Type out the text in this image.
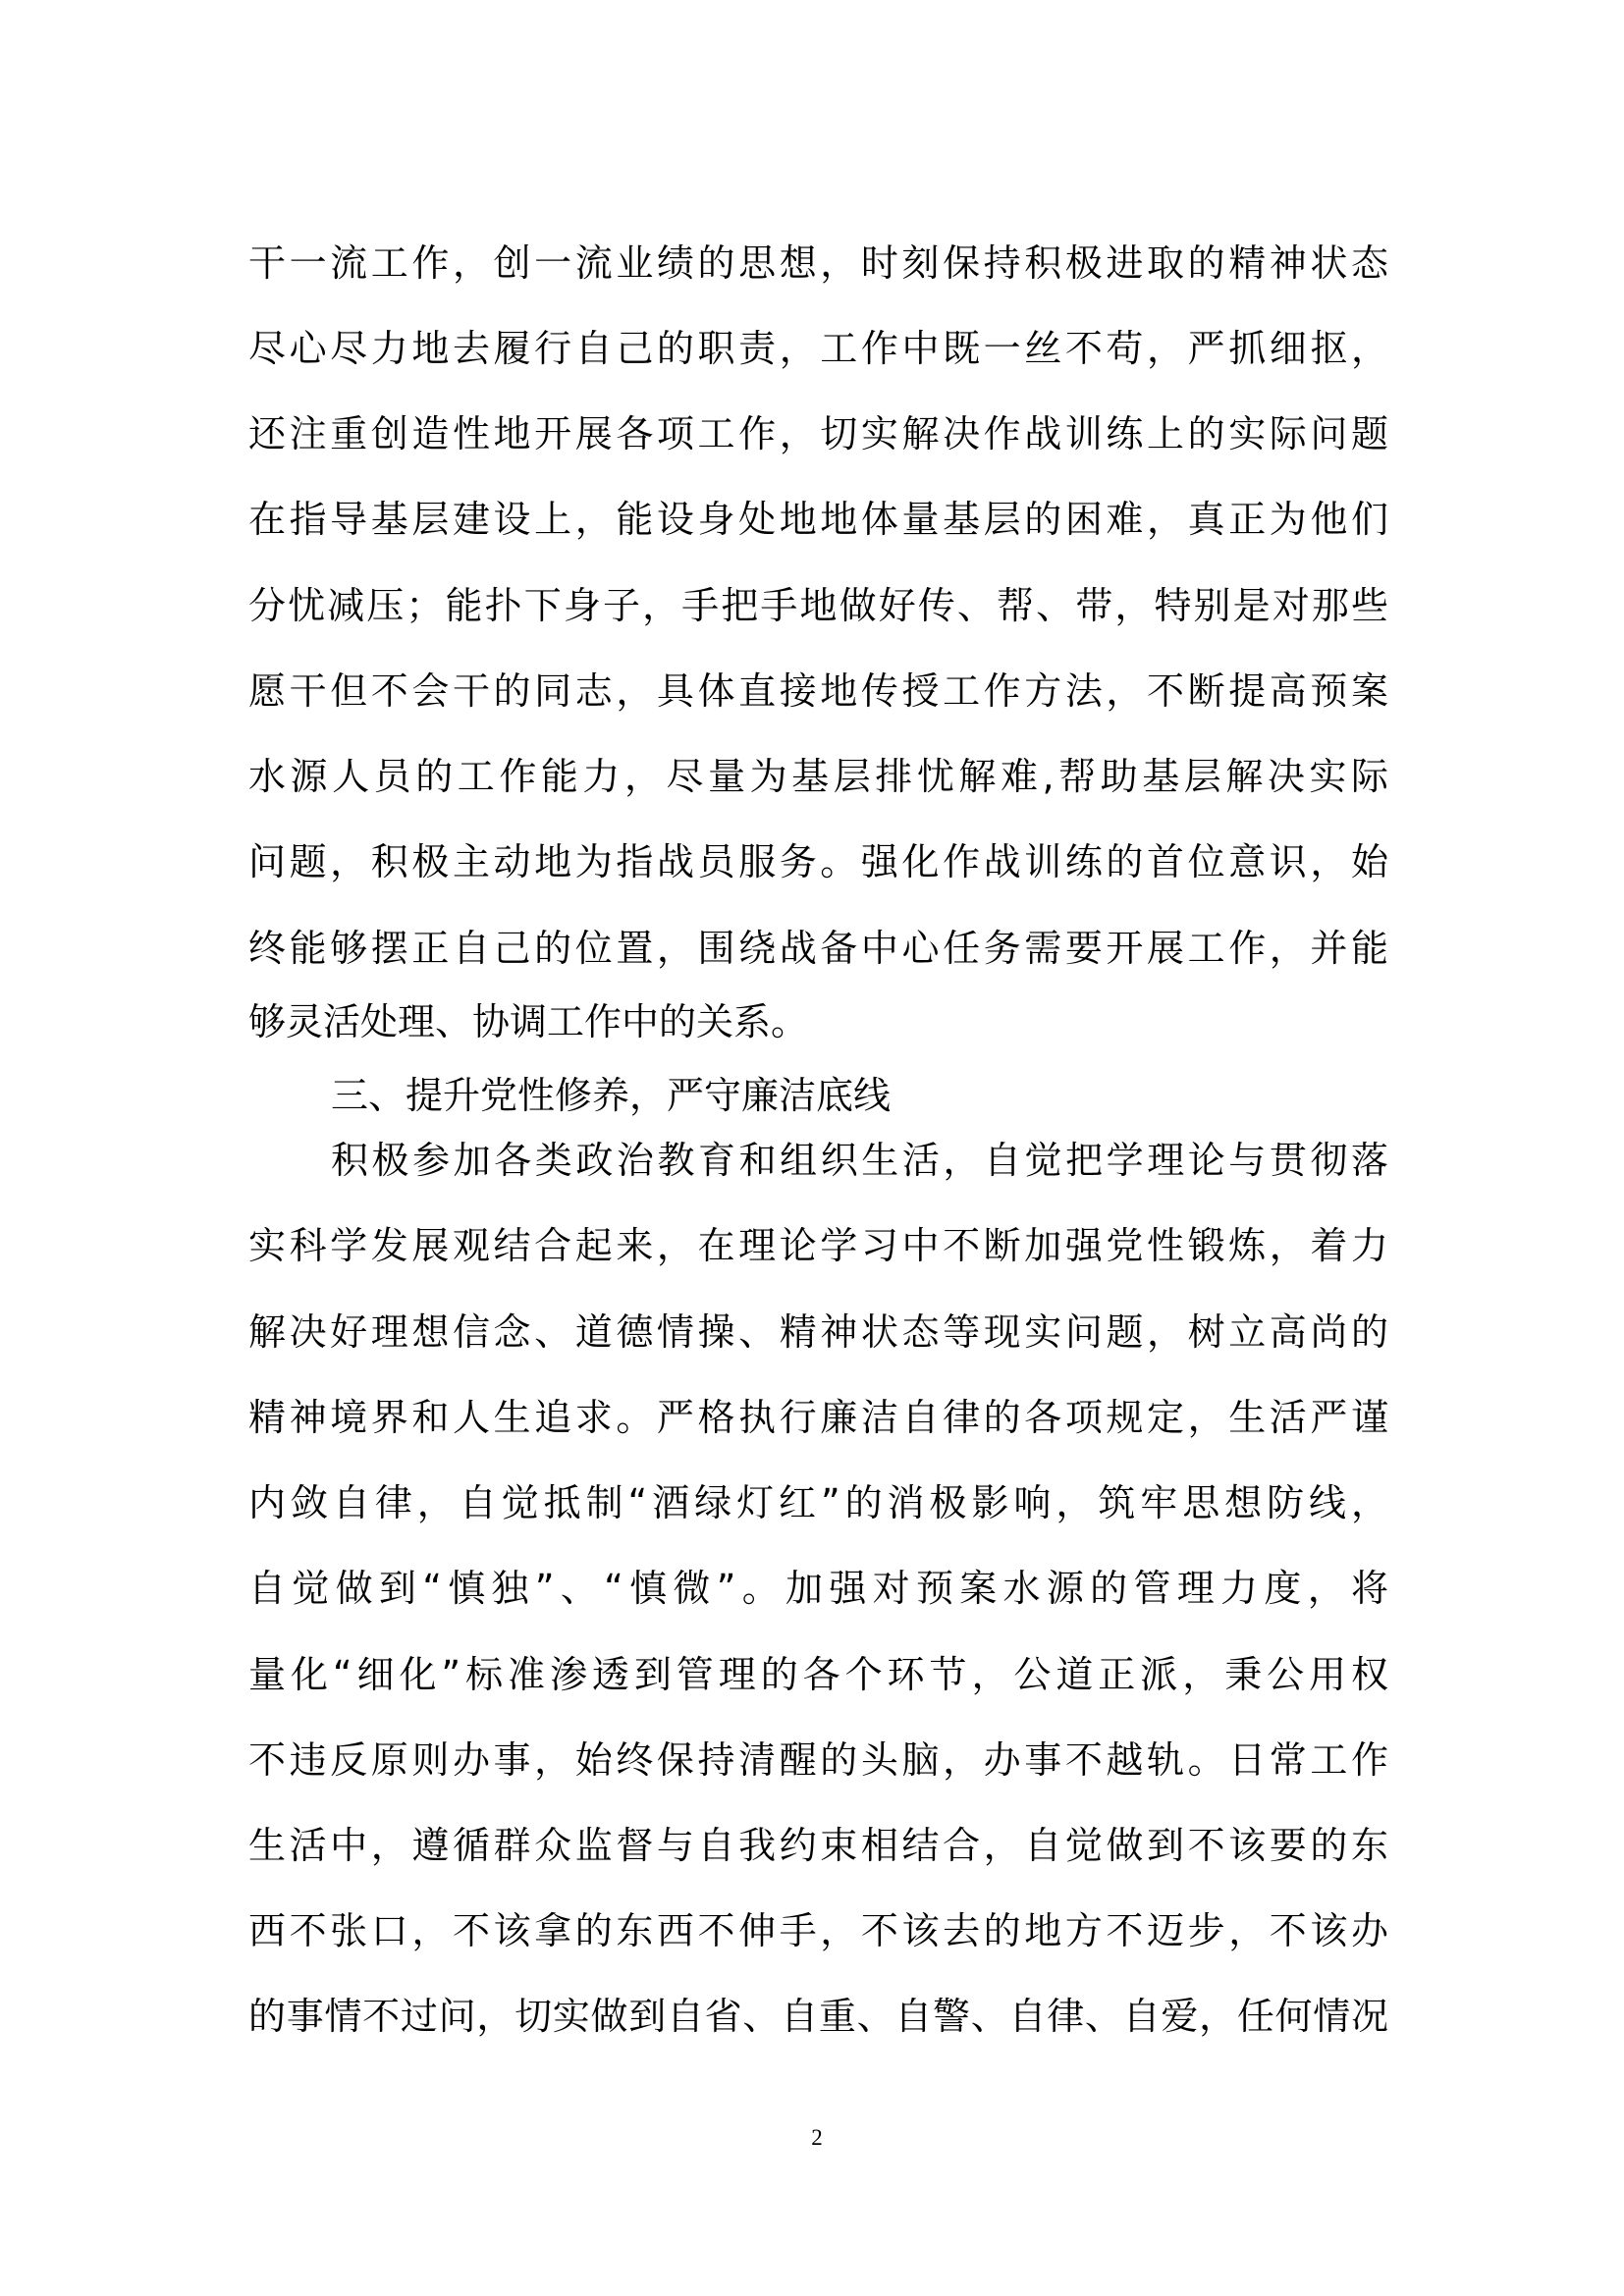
干一流工作，创一流业绩的思想，时刻保持积极进取的精神状态
尽心尽力地去履行自己的职责，工作中既一丝不苟，严抓细抠，
还注重创造性地开展各项工作，切实解决作战训练上的实际问题
在指导基层建设上，能设身处地地体量基层的困难，真正为他们
分忧减压；能扑下身子，手把手地做好传、帮、带，特别是对那些
愿干但不会干的同志，具体直接地传授工作方法，不断提高预案
水源人员的工作能力，尽量为基层排忧解难,帮助基层解决实际
问题，积极主动地为指战员服务。强化作战训练的首位意识，始
终能够摆正自己的位置，围绕战备中心任务需要开展工作，并能
够灵活处理、协调工作中的关系。
三、提升党性修养，严守廉洁底线
积极参加各类政治教育和组织生活，自觉把学理论与贯彻落
实科学发展观结合起来，在理论学习中不断加强党性锻炼，着力
解决好理想信念、道德情操、精神状态等现实问题，树立高尚的
精神境界和人生追求。严格执行廉洁自律的各项规定，生活严谨
内敛自律，自觉抵制“酒绿灯红”的消极影响，筑牢思想防线，
自觉做到“慎独”、“慎微”。加强对预案水源的管理力度，将
量化“细化”标准渗透到管理的各个环节，公道正派，秉公用权
不违反原则办事，始终保持清醒的头脑，办事不越轨。日常工作
生活中，遵循群众监督与自我约束相结合，自觉做到不该要的东
西不张口，不该拿的东西不伸手，不该去的地方不迈步，不该办
的事情不过问，切实做到自省、自重、自警、自律、自爱，任何情况
2
